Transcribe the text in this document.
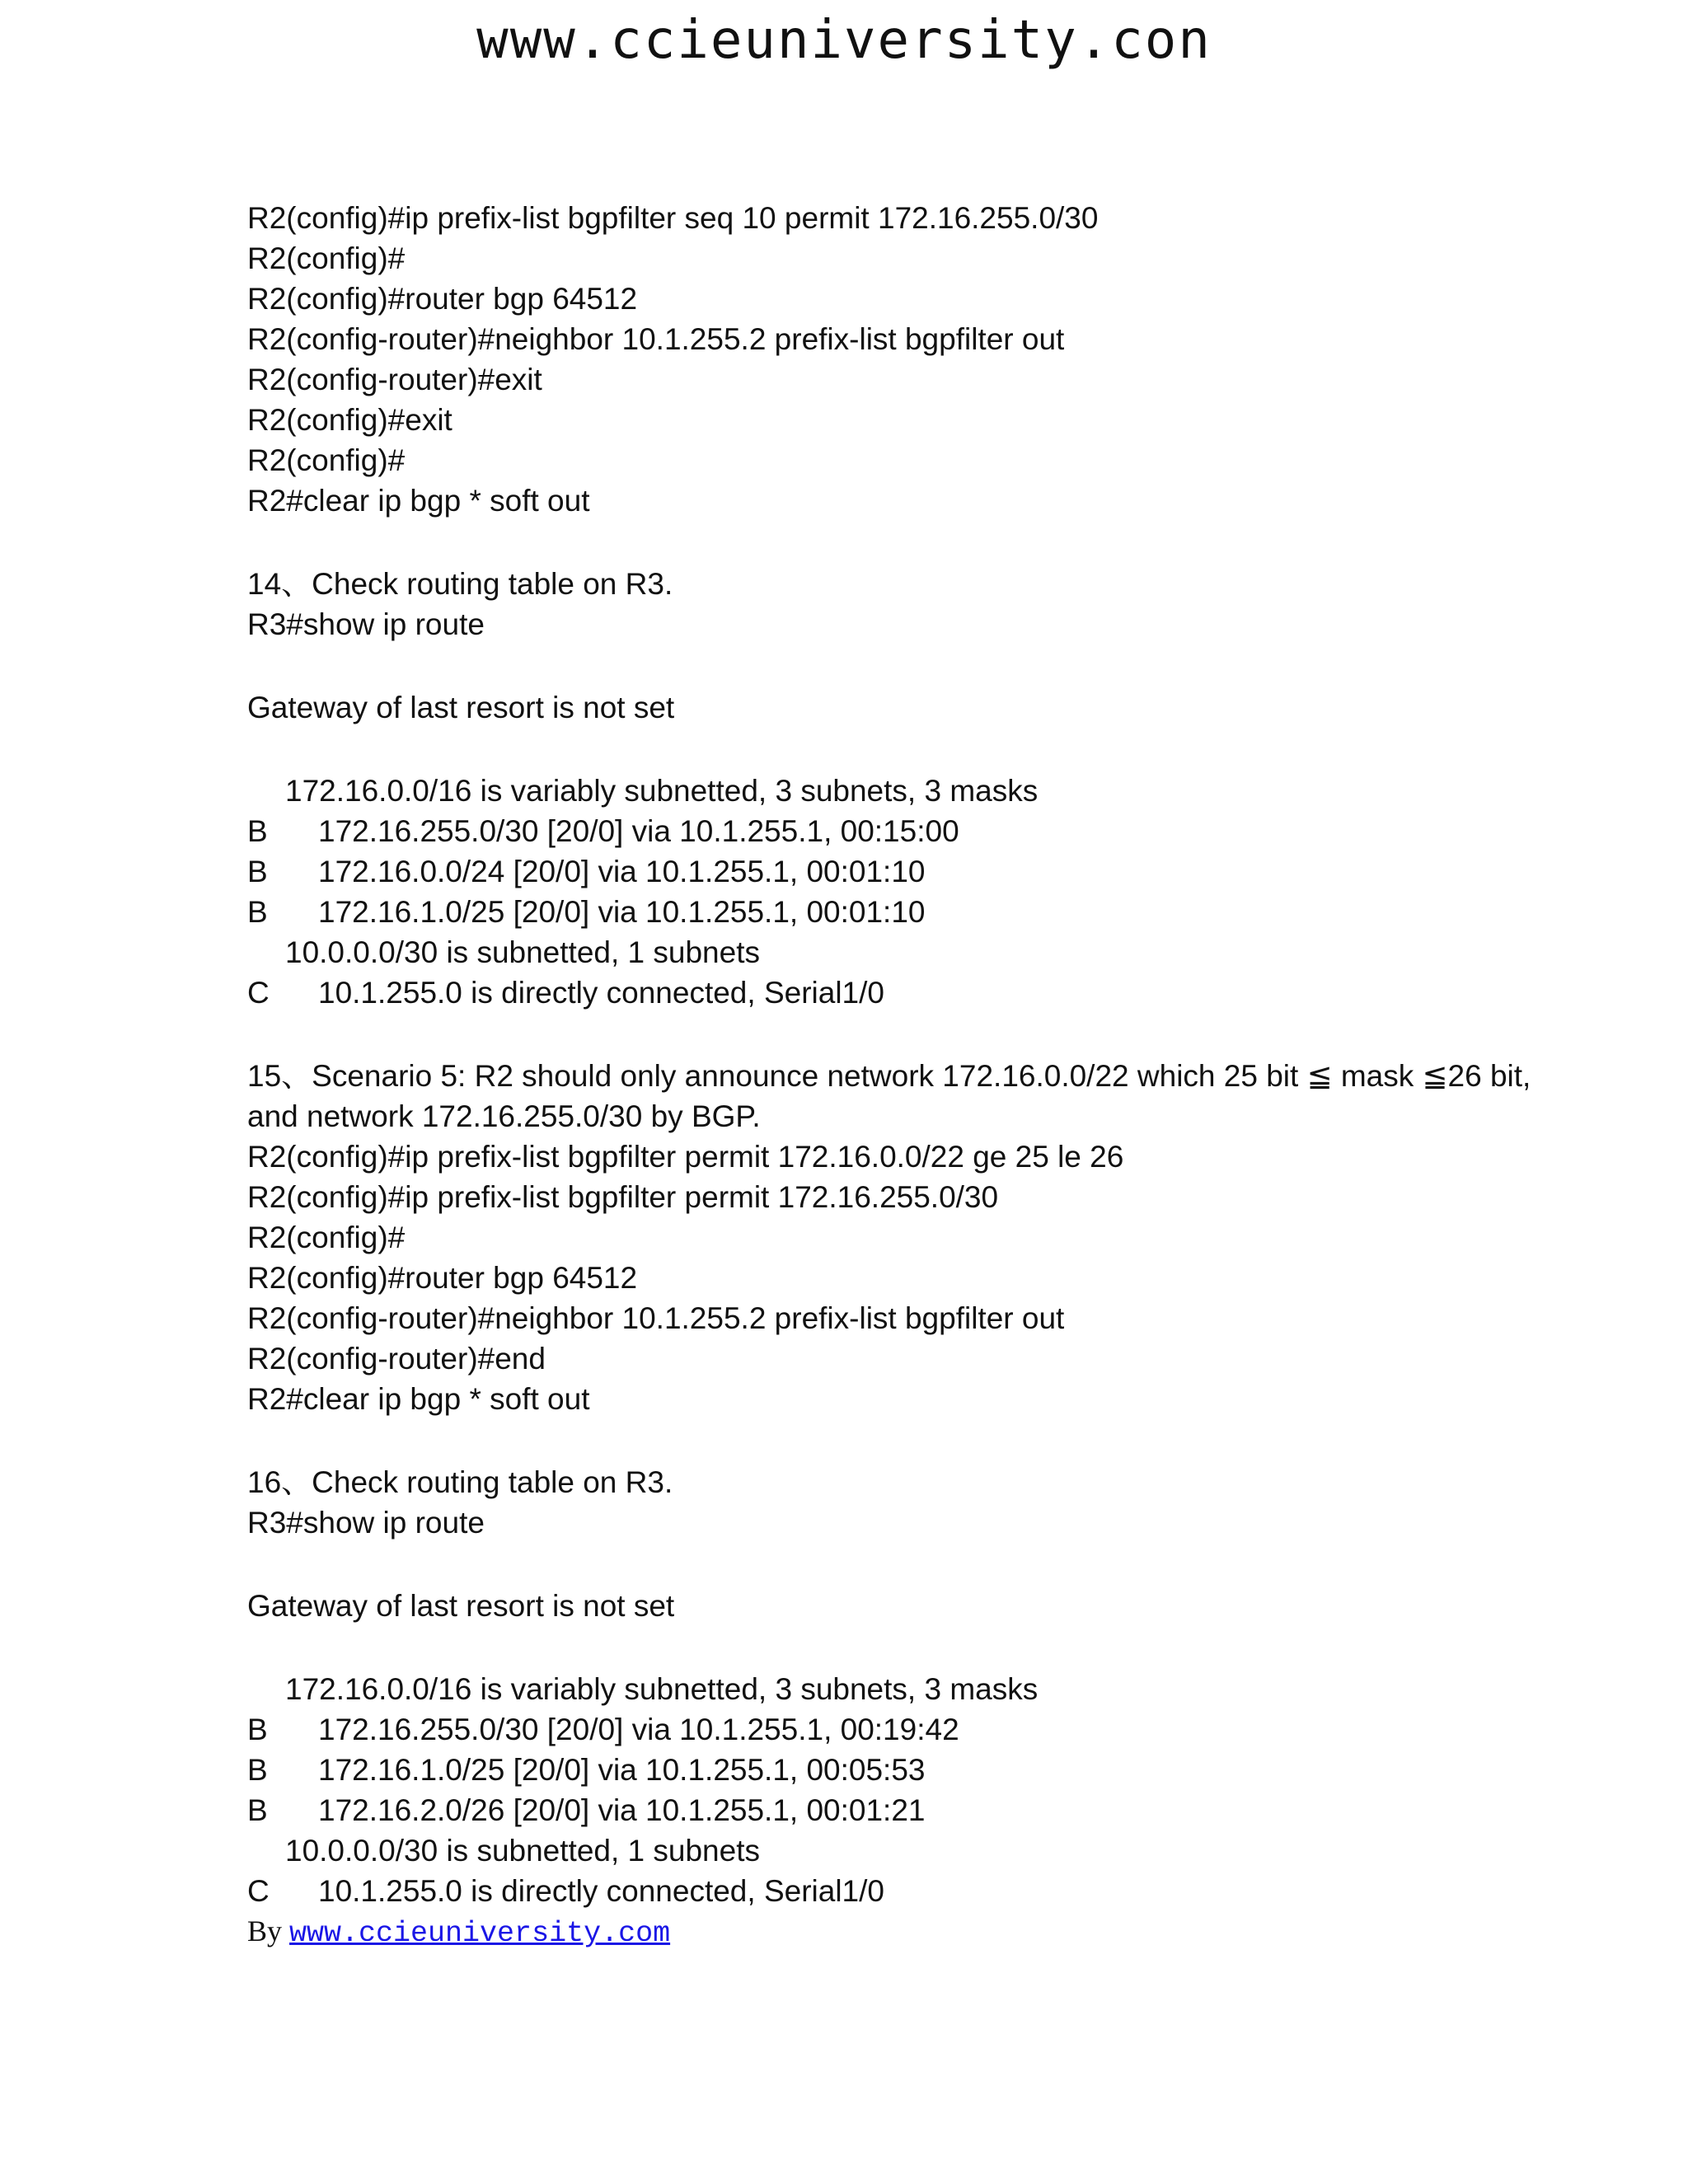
www.ccieuniversity.con
R2(config)#ip prefix-list bgpfilter seq 10 permit 172.16.255.0/30
R2(config)#
R2(config)#router bgp 64512
R2(config-router)#neighbor 10.1.255.2 prefix-list bgpfilter out
R2(config-router)#exit
R2(config)#exit
R2(config)#
R2#clear ip bgp * soft out
14、Check routing table on R3.
R3#show ip route
Gateway of last resort is not set
172.16.0.0/16 is variably subnetted, 3 subnets, 3 masks
B	172.16.255.0/30 [20/0] via 10.1.255.1, 00:15:00
B	172.16.0.0/24 [20/0] via 10.1.255.1, 00:01:10
B	172.16.1.0/25 [20/0] via 10.1.255.1, 00:01:10
10.0.0.0/30 is subnetted, 1 subnets
C	10.1.255.0 is directly connected, Serial1/0
15、Scenario 5: R2 should only announce network 172.16.0.0/22 which 25 bit ≦ mask ≦26 bit, and network 172.16.255.0/30 by BGP.
R2(config)#ip prefix-list bgpfilter permit 172.16.0.0/22 ge 25 le 26
R2(config)#ip prefix-list bgpfilter permit 172.16.255.0/30
R2(config)#
R2(config)#router bgp 64512
R2(config-router)#neighbor 10.1.255.2 prefix-list bgpfilter out
R2(config-router)#end
R2#clear ip bgp * soft out
16、Check routing table on R3.
R3#show ip route
Gateway of last resort is not set
172.16.0.0/16 is variably subnetted, 3 subnets, 3 masks
B	172.16.255.0/30 [20/0] via 10.1.255.1, 00:19:42
B	172.16.1.0/25 [20/0] via 10.1.255.1, 00:05:53
B	172.16.2.0/26 [20/0] via 10.1.255.1, 00:01:21
10.0.0.0/30 is subnetted, 1 subnets
C	10.1.255.0 is directly connected, Serial1/0
By www.ccieuniversity.com
